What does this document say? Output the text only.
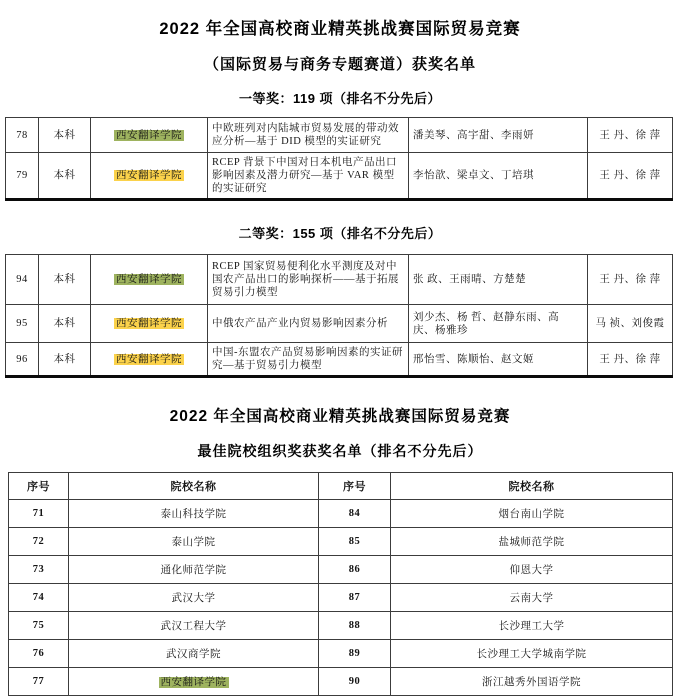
2022 年全国高校商业精英挑战赛国际贸易竞赛
（国际贸易与商务专题赛道）获奖名单
一等奖：119 项（排名不分先后）
78	本科	西安翻译学院	中欧班列对内陆城市贸易发展的带动效应分析—基于 DID 模型的实证研究	潘美琴、高宇甜、李雨妍	王 丹、徐 萍
79	本科	西安翻译学院	RCEP 背景下中国对日本机电产品出口影响因素及潜力研究—基于 VAR 模型的实证研究	李怡歆、梁卓文、丁培琪	王 丹、徐 萍
二等奖：155 项（排名不分先后）
94	本科	西安翻译学院	RCEP 国家贸易便利化水平测度及对中国农产品出口的影响探析——基于拓展贸易引力模型	张 政、王雨晴、方楚楚	王 丹、徐 萍
95	本科	西安翻译学院	中俄农产品产业内贸易影响因素分析	刘少杰、杨 哲、赵静东雨、高 庆、杨雅珍	马 祯、刘俊霞
96	本科	西安翻译学院	中国-东盟农产品贸易影响因素的实证研究—基于贸易引力模型	邢怡雪、陈顺怡、赵文姬	王 丹、徐 萍
2022 年全国高校商业精英挑战赛国际贸易竞赛
最佳院校组织奖获奖名单（排名不分先后）
序号	院校名称	序号	院校名称
71	泰山科技学院	84	烟台南山学院
72	泰山学院	85	盐城师范学院
73	通化师范学院	86	仰恩大学
74	武汉大学	87	云南大学
75	武汉工程大学	88	长沙理工大学
76	武汉商学院	89	长沙理工大学城南学院
77	西安翻译学院	90	浙江越秀外国语学院
